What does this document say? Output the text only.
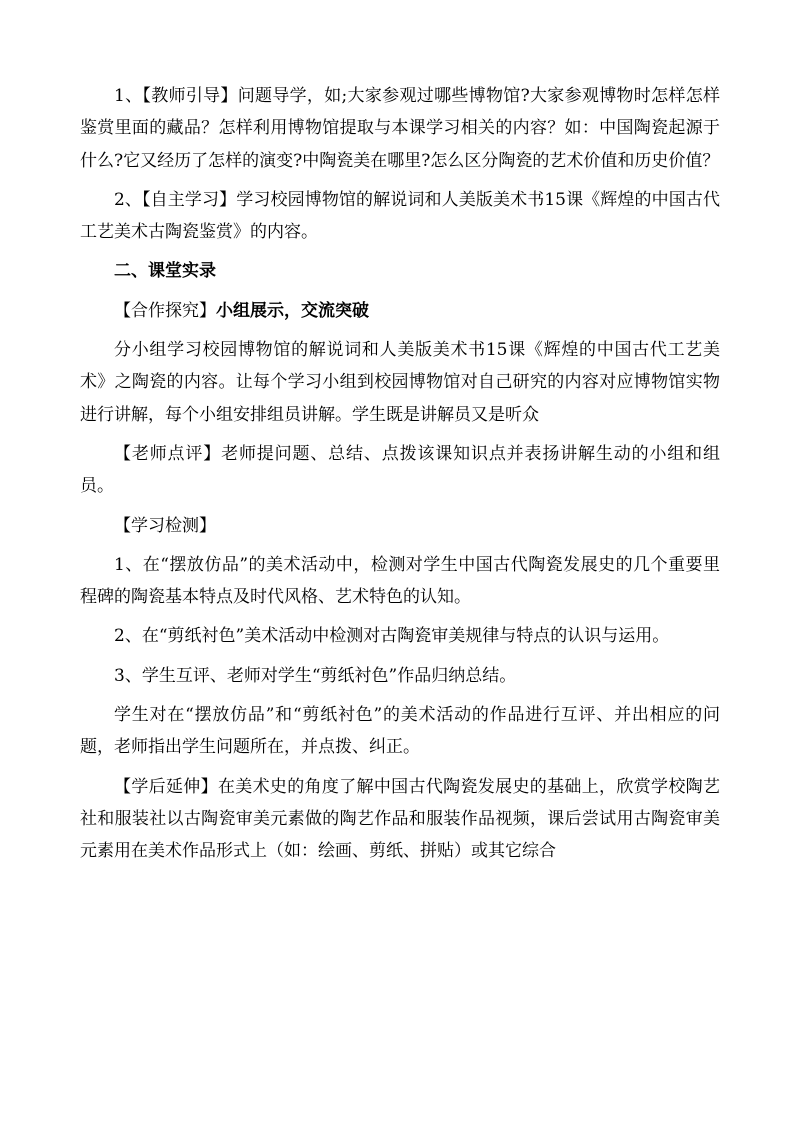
1、【教师引导】问题导学，如;大家参观过哪些博物馆?大家参观博物时怎样怎样鉴赏里面的藏品？怎样利用博物馆提取与本课学习相关的内容？如：中国陶瓷起源于什么?它又经历了怎样的演变?中陶瓷美在哪里?怎么区分陶瓷的艺术价值和历史价值？

2、【自主学习】学习校园博物馆的解说词和人美版美术书15课《辉煌的中国古代工艺美术古陶瓷鉴赏》的内容。

二、课堂实录

【合作探究】小组展示，交流突破

分小组学习校园博物馆的解说词和人美版美术书15课《辉煌的中国古代工艺美术》之陶瓷的内容。让每个学习小组到校园博物馆对自己研究的内容对应博物馆实物进行讲解，每个小组安排组员讲解。学生既是讲解员又是听众

【老师点评】老师提问题、总结、点拨该课知识点并表扬讲解生动的小组和组员。

【学习检测】

1、在“摆放仿品”的美术活动中，检测对学生中国古代陶瓷发展史的几个重要里程碑的陶瓷基本特点及时代风格、艺术特色的认知。

2、在“剪纸衬色”美术活动中检测对古陶瓷审美规律与特点的认识与运用。

3、学生互评、老师对学生“剪纸衬色”作品归纳总结。

学生对在“摆放仿品”和“剪纸衬色”的美术活动的作品进行互评、并出相应的问题，老师指出学生问题所在，并点拨、纠正。

【学后延伸】在美术史的角度了解中国古代陶瓷发展史的基础上，欣赏学校陶艺社和服装社以古陶瓷审美元素做的陶艺作品和服装作品视频，课后尝试用古陶瓷审美元素用在美术作品形式上（如：绘画、剪纸、拼贴）或其它综合
